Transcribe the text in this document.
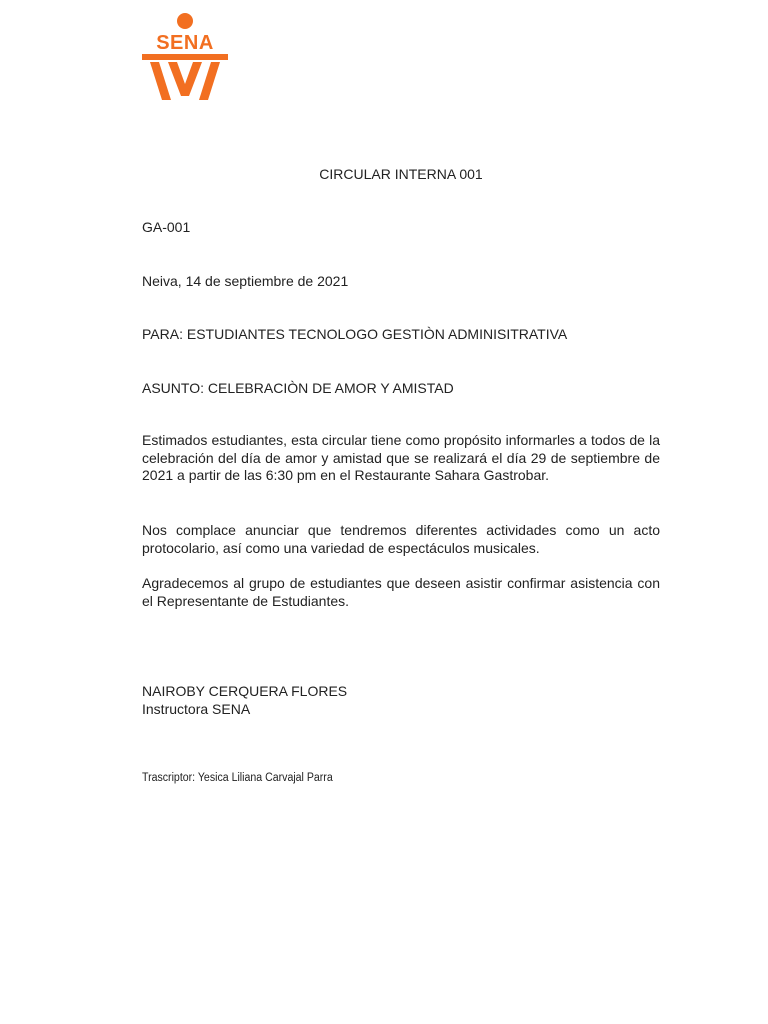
SENA
CIRCULAR INTERNA 001
GA-001
Neiva, 14 de septiembre de 2021
PARA: ESTUDIANTES TECNOLOGO GESTIÒN ADMINISITRATIVA
ASUNTO: CELEBRACIÒN DE AMOR Y AMISTAD
Estimados estudiantes, esta circular tiene como propósito informarles a todos de la celebración del día de amor y amistad que se realizará el día 29 de septiembre de 2021 a partir de las 6:30 pm en el Restaurante Sahara Gastrobar.
Nos complace anunciar que tendremos diferentes actividades como un acto protocolario, así como una variedad de espectáculos musicales.
Agradecemos al grupo de estudiantes que deseen asistir confirmar asistencia con el Representante de Estudiantes.
NAIROBY CERQUERA FLORES
Instructora SENA
Trascriptor: Yesica Liliana Carvajal Parra
